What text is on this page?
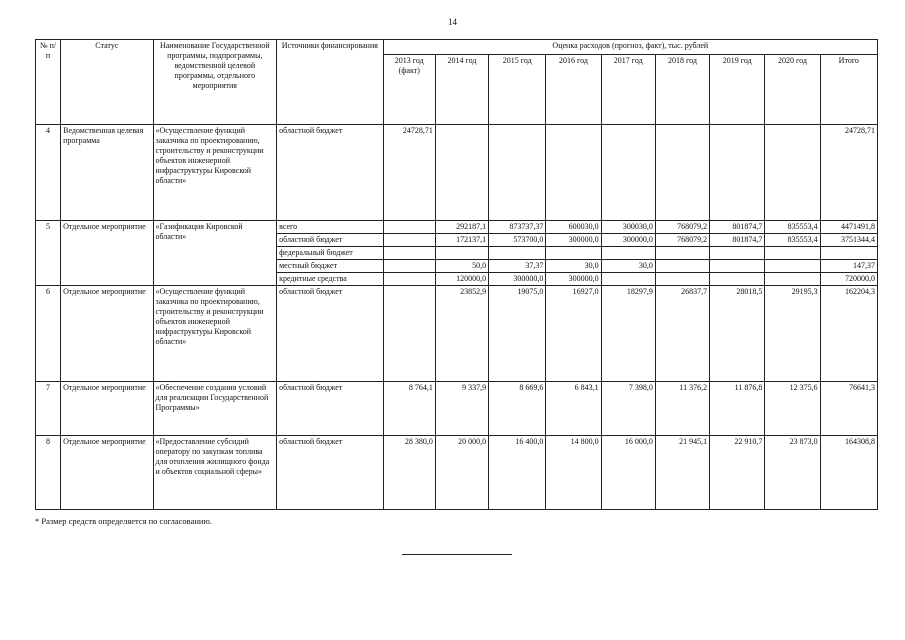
14
№ п/п	Статус	Наименование Государственной программы, подпрограммы, ведомственной целевой программы, отдельного мероприятия	Источники финансирования	Оценка расходов (прогноз, факт), тыс. рублей								
				2013 год (факт)	2014 год	2015 год	2016 год	2017 год	2018 год	2019 год	2020 год	Итого
4	Ведомственная целевая программа	«Осуществление функций заказчика по проектированию, строительству и реконструкции объектов инженерной инфраструктуры Кировской области»	областной бюджет	24728,71								24728,71
5	Отдельное мероприятие	«Газификация Кировской области»	всего		292187,1	873737,37	600030,0	300030,0	768079,2	801874,7	835553,4	4471491,8
			областной бюджет		172137,1	573700,0	300000,0	300000,0	768079,2	801874,7	835553,4	3751344,4
			федеральный бюджет									
			местный бюджет		50,0	37,37	30,0	30,0				147,37
			кредитные средства		120000,0	300000,0	300000,0					720000,0
6	Отдельное мероприятие	«Осуществление функций заказчика по проектированию, строительству и реконструкции объектов инженерной инфраструктуры Кировской области»	областной бюджет		23852,9	19075,0	16927,0	18297,9	26837,7	28018,5	29195,3	162204,3
7	Отдельное мероприятие	«Обеспечение создания условий для реализации Государственной Программы»	областной бюджет	8 764,1	9 337,9	8 669,6	6 843,1	7 398,0	11 376,2	11 876,8	12 375,6	76641,3
8	Отдельное мероприятие	«Предоставление субсидий оператору по закупкам топлива для отопления жилищного фонда и объектов социальной сферы»	областной бюджет	28 380,0	20 000,0	16 400,0	14 800,0	16 000,0	21 945,1	22 910,7	23 873,0	164308,8
* Размер средств определяется по согласованию.
